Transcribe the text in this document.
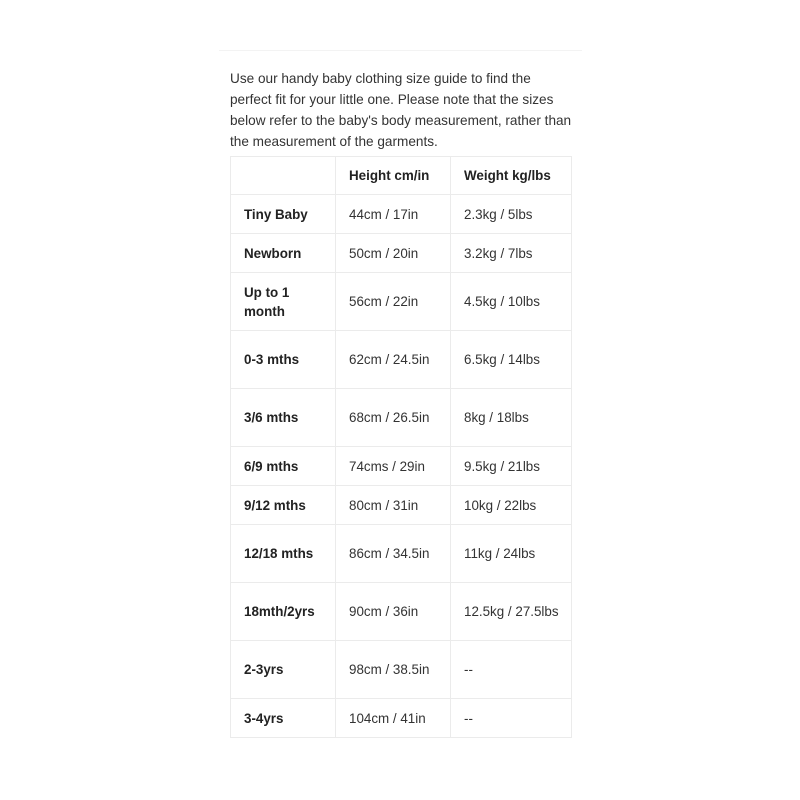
Use our handy baby clothing size guide to find the perfect fit for your little one. Please note that the sizes below refer to the baby's body measurement, rather than the measurement of the garments.

	Height cm/in	Weight kg/lbs
Tiny Baby	44cm / 17in	2.3kg / 5lbs
Newborn	50cm / 20in	3.2kg / 7lbs
Up to 1 month	56cm / 22in	4.5kg / 10lbs
0-3 mths	62cm / 24.5in	6.5kg / 14lbs
3/6 mths	68cm / 26.5in	8kg / 18lbs
6/9 mths	74cms / 29in	9.5kg / 21lbs
9/12 mths	80cm / 31in	10kg / 22lbs
12/18 mths	86cm / 34.5in	11kg / 24lbs
18mth/2yrs	90cm / 36in	12.5kg / 27.5lbs
2-3yrs	98cm / 38.5in	--
3-4yrs	104cm / 41in	--
